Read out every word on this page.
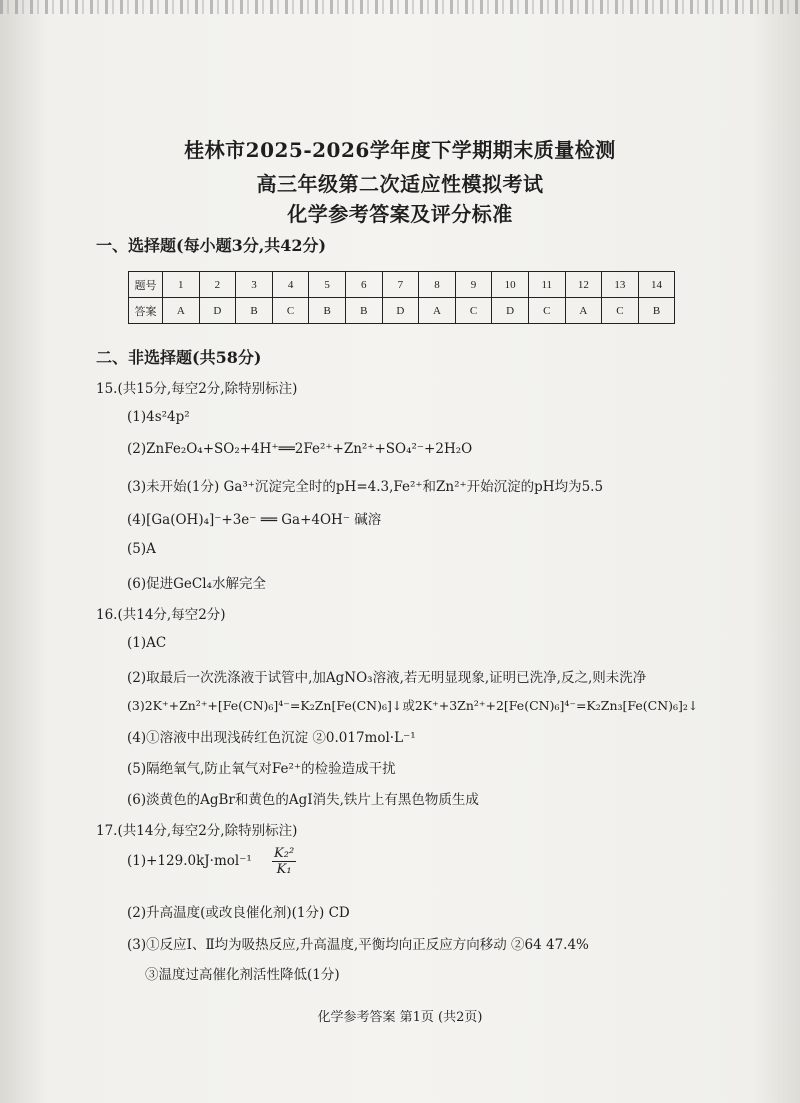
桂林市2025-2026学年度下学期期末质量检测
高三年级第二次适应性模拟考试
化学参考答案及评分标准
一、选择题(每小题3分,共42分)
题号	1	2	3	4	5	6	7	8	9	10	11	12	13	14
答案	A	D	B	C	B	B	D	A	C	D	C	A	C	B
二、非选择题(共58分)
15.(共15分,每空2分,除特别标注)
(1)4s²4p²
(2)ZnFe₂O₄+SO₂+4H⁺══2Fe²⁺+Zn²⁺+SO₄²⁻+2H₂O
(3)未开始(1分) Ga³⁺沉淀完全时的pH=4.3,Fe²⁺和Zn²⁺开始沉淀的pH均为5.5
(4)[Ga(OH)₄]⁻+3e⁻ ══ Ga+4OH⁻ 碱溶
(5)A
(6)促进GeCl₄水解完全
16.(共14分,每空2分)
(1)AC
(2)取最后一次洗涤液于试管中,加AgNO₃溶液,若无明显现象,证明已洗净,反之,则未洗净
(3)2K⁺+Zn²⁺+[Fe(CN)₆]⁴⁻=K₂Zn[Fe(CN)₆]↓或2K⁺+3Zn²⁺+2[Fe(CN)₆]⁴⁻=K₂Zn₃[Fe(CN)₆]₂↓
(4)①溶液中出现浅砖红色沉淀 ②0.017mol·L⁻¹
(5)隔绝氧气,防止氧气对Fe²⁺的检验造成干扰
(6)淡黄色的AgBr和黄色的AgI消失,铁片上有黑色物质生成
17.(共14分,每空2分,除特别标注)
$(1)+129.0kJ\cdot mol^{-1} \frac{\text{K₂²}}{\text{K₁}}$
(2)升高温度(或改良催化剂)(1分) CD
(3)①反应Ⅰ、Ⅱ均为吸热反应,升高温度,平衡均向正反应方向移动 ②64 47.4%
③温度过高催化剂活性降低(1分)
化学参考答案 第1页 (共2页)
